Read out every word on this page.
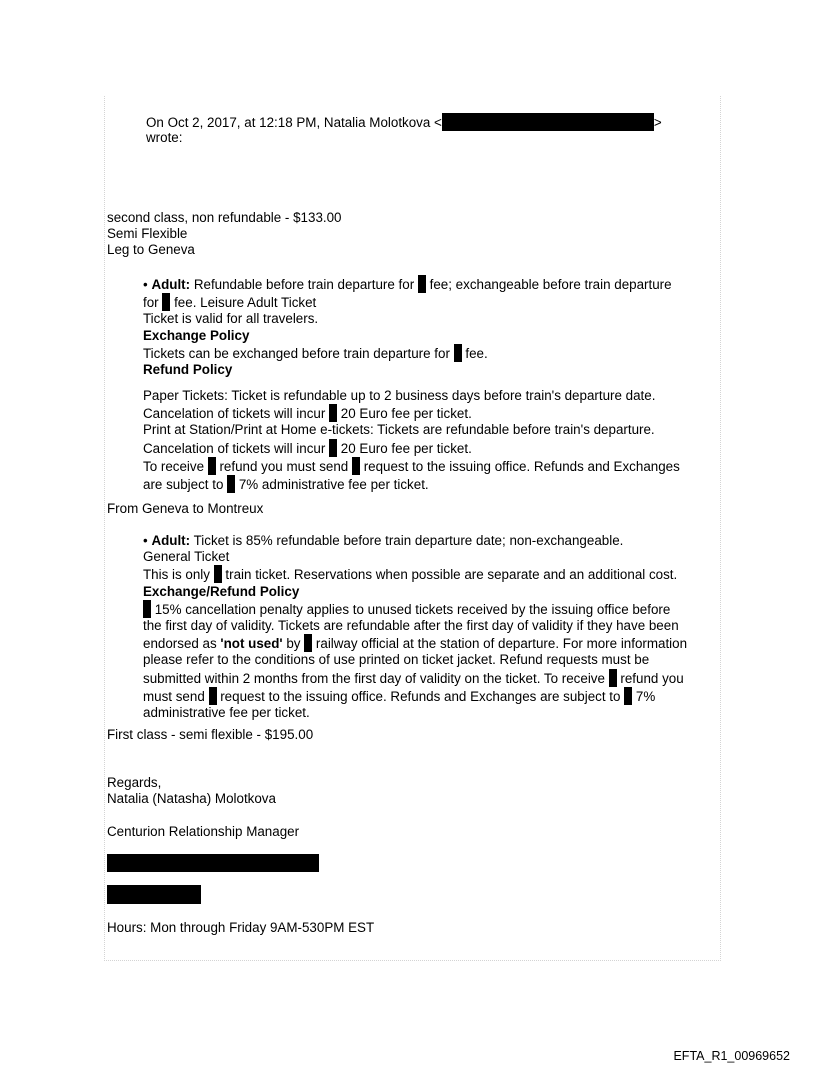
On Oct 2, 2017, at 12:18 PM, Natalia Molotkova <	>
wrote:
second class, non refundable - $133.00
Semi Flexible
Leg to Geneva
• Adult: Refundable before train departure for  fee; exchangeable before train departure
for  fee. Leisure Adult Ticket
Ticket is valid for all travelers.
Exchange Policy
Tickets can be exchanged before train departure for  fee.
Refund Policy
Paper Tickets: Ticket is refundable up to 2 business days before train's departure date.
Cancelation of tickets will incur  20 Euro fee per ticket.
Print at Station/Print at Home e-tickets: Tickets are refundable before train's departure.
Cancelation of tickets will incur  20 Euro fee per ticket.
To receive  refund you must send  request to the issuing office. Refunds and Exchanges
are subject to  7% administrative fee per ticket.
From Geneva to Montreux
• Adult: Ticket is 85% refundable before train departure date; non-exchangeable.
General Ticket
This is only  train ticket. Reservations when possible are separate and an additional cost.
Exchange/Refund Policy
15% cancellation penalty applies to unused tickets received by the issuing office before
the first day of validity. Tickets are refundable after the first day of validity if they have been
endorsed as 'not used' by  railway official at the station of departure. For more information
please refer to the conditions of use printed on ticket jacket. Refund requests must be
submitted within 2 months from the first day of validity on the ticket. To receive  refund you
must send  request to the issuing office. Refunds and Exchanges are subject to  7%
administrative fee per ticket.
First class - semi flexible - $195.00
Regards,
Natalia (Natasha) Molotkova
Centurion Relationship Manager
Hours: Mon through Friday 9AM-530PM EST
EFTA_R1_00969652
